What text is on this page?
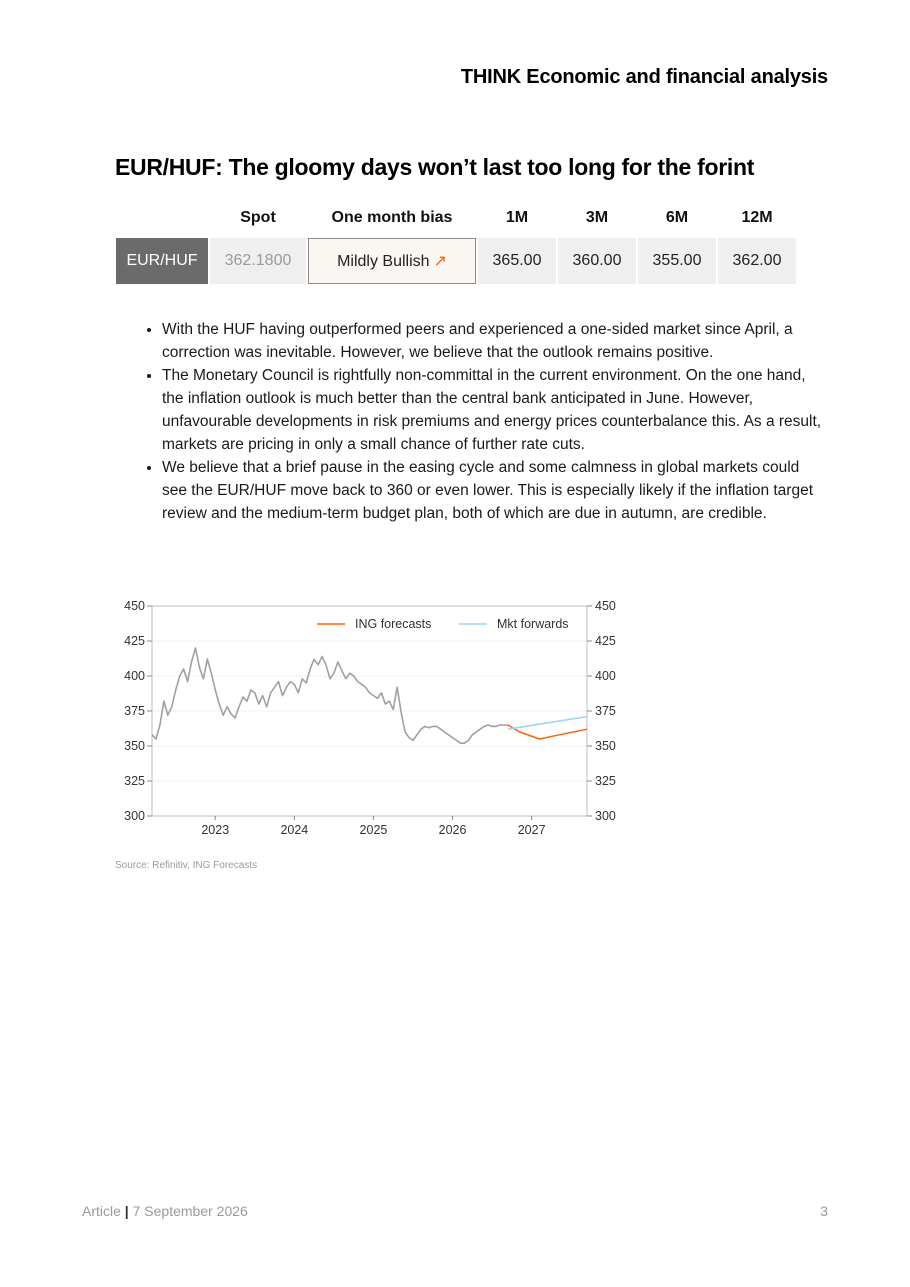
THINK Economic and financial analysis
EUR/HUF: The gloomy days won’t last too long for the forint
	Spot	One month bias	1M	3M	6M	12M
EUR/HUF	362.1800	Mildly Bullish ↗	365.00	360.00	355.00	362.00
• With the HUF having outperformed peers and experienced a one-sided market since April, a correction was inevitable. However, we believe that the outlook remains positive.
• The Monetary Council is rightfully non-committal in the current environment. On the one hand, the inflation outlook is much better than the central bank anticipated in June. However, unfavourable developments in risk premiums and energy prices counterbalance this. As a result, markets are pricing in only a small chance of further rate cuts.
• We believe that a brief pause in the easing cycle and some calmness in global markets could see the EUR/HUF move back to 360 or even lower. This is especially likely if the inflation target review and the medium-term budget plan, both of which are due in autumn, are credible.
300
325
350
375
400
425
450
300
325
350
375
400
425
450
2023	2024	2025	2026	2027
ING forecasts	Mkt forwards
Source: Refinitiv, ING Forecasts
Article | 7 September 2026	3
